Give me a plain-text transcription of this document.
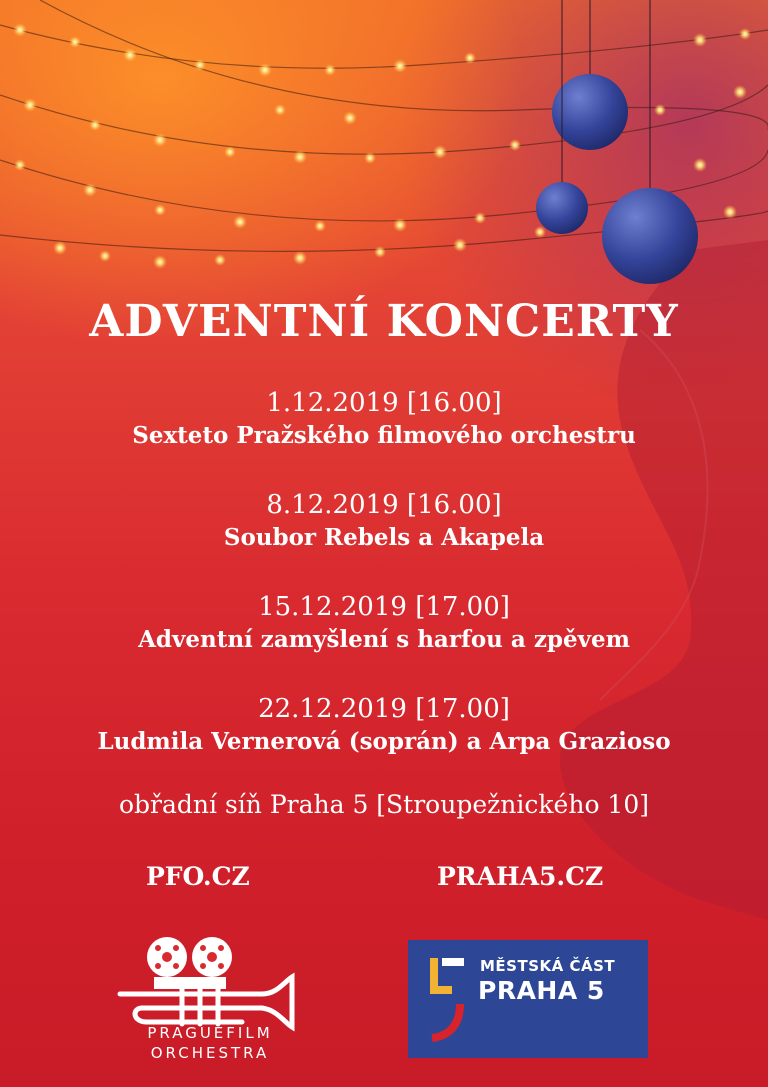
ADVENTNÍ KONCERTY
1.12.2019 [16.00]
Sexteto Pražského filmového orchestru
8.12.2019 [16.00]
Soubor Rebels a Akapela
15.12.2019 [17.00]
Adventní zamyšlení s harfou a zpěvem
22.12.2019 [17.00]
Ludmila Vernerová (soprán) a Arpa Grazioso
obřadní síň Praha 5 [Stroupežnického 10]
PFO.CZ	PRAHA5.CZ
PRAGUEFILM
ORCHESTRA
MĚSTSKÁ ČÁST
PRAHA 5
